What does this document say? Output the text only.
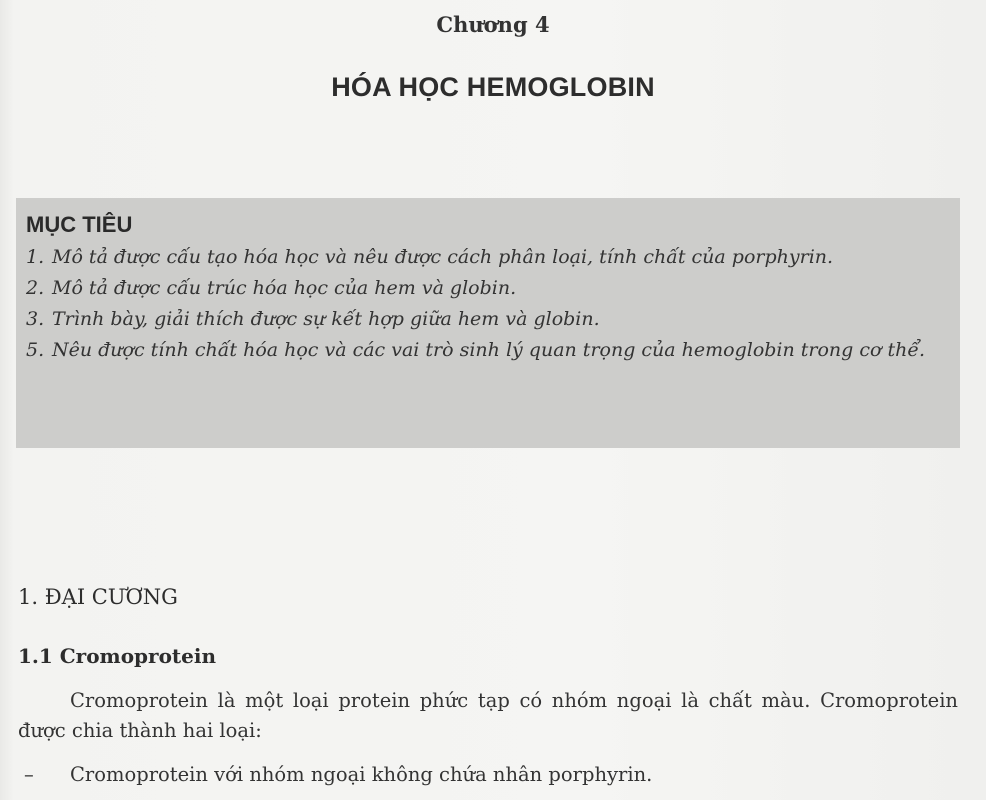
Chương 4
HÓA HỌC HEMOGLOBIN
MỤC TIÊU
1. Mô tả được cấu tạo hóa học và nêu được cách phân loại, tính chất của porphyrin.
2. Mô tả được cấu trúc hóa học của hem và globin.
3. Trình bày, giải thích được sự kết hợp giữa hem và globin.
5. Nêu được tính chất hóa học và các vai trò sinh lý quan trọng của hemoglobin trong cơ thể.
1. ĐẠI CƯƠNG
1.1 Cromoprotein

Cromoprotein là một loại protein phức tạp có nhóm ngoại là chất màu. Cromoprotein được chia thành hai loại:

–	Cromoprotein với nhóm ngoại không chứa nhân porphyrin.
